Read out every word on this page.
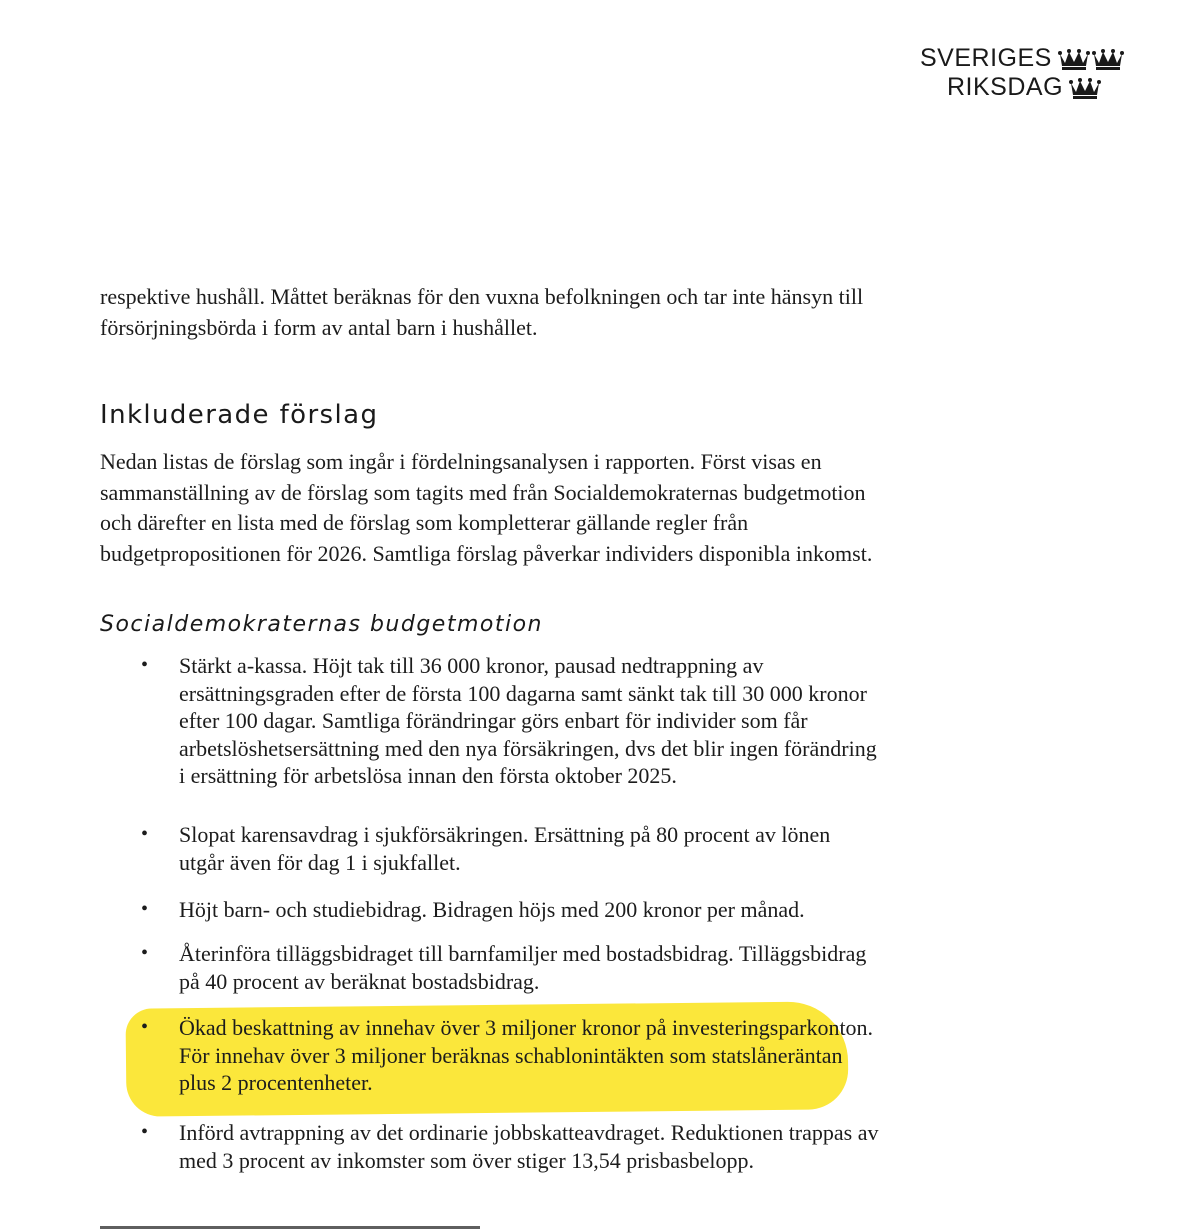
SVERIGES
RIKSDAG

respektive hushåll. Måttet beräknas för den vuxna befolkningen och tar inte hänsyn till försörjningsbörda i form av antal barn i hushållet.

Inkluderade förslag

Nedan listas de förslag som ingår i fördelningsanalysen i rapporten. Först visas en sammanställning av de förslag som tagits med från Socialdemokraternas budgetmotion och därefter en lista med de förslag som kompletterar gällande regler från budgetpropositionen för 2026. Samtliga förslag påverkar individers disponibla inkomst.

Socialdemokraternas budgetmotion
• Stärkt a-kassa. Höjt tak till 36 000 kronor, pausad nedtrappning av ersättningsgraden efter de första 100 dagarna samt sänkt tak till 30 000 kronor efter 100 dagar. Samtliga förändringar görs enbart för individer som får arbetslöshetsersättning med den nya försäkringen, dvs det blir ingen förändring i ersättning för arbetslösa innan den första oktober 2025.
• Slopat karensavdrag i sjukförsäkringen. Ersättning på 80 procent av lönen utgår även för dag 1 i sjukfallet.
• Höjt barn- och studiebidrag. Bidragen höjs med 200 kronor per månad.
• Återinföra tilläggsbidraget till barnfamiljer med bostadsbidrag. Tilläggsbidrag på 40 procent av beräknat bostadsbidrag.
• Ökad beskattning av innehav över 3 miljoner kronor på investeringsparkonton. För innehav över 3 miljoner beräknas schablonintäkten som statslåneräntan plus 2 procentenheter.
• Införd avtrappning av det ordinarie jobbskatteavdraget. Reduktionen trappas av med 3 procent av inkomster som över stiger 13,54 prisbasbelopp.
